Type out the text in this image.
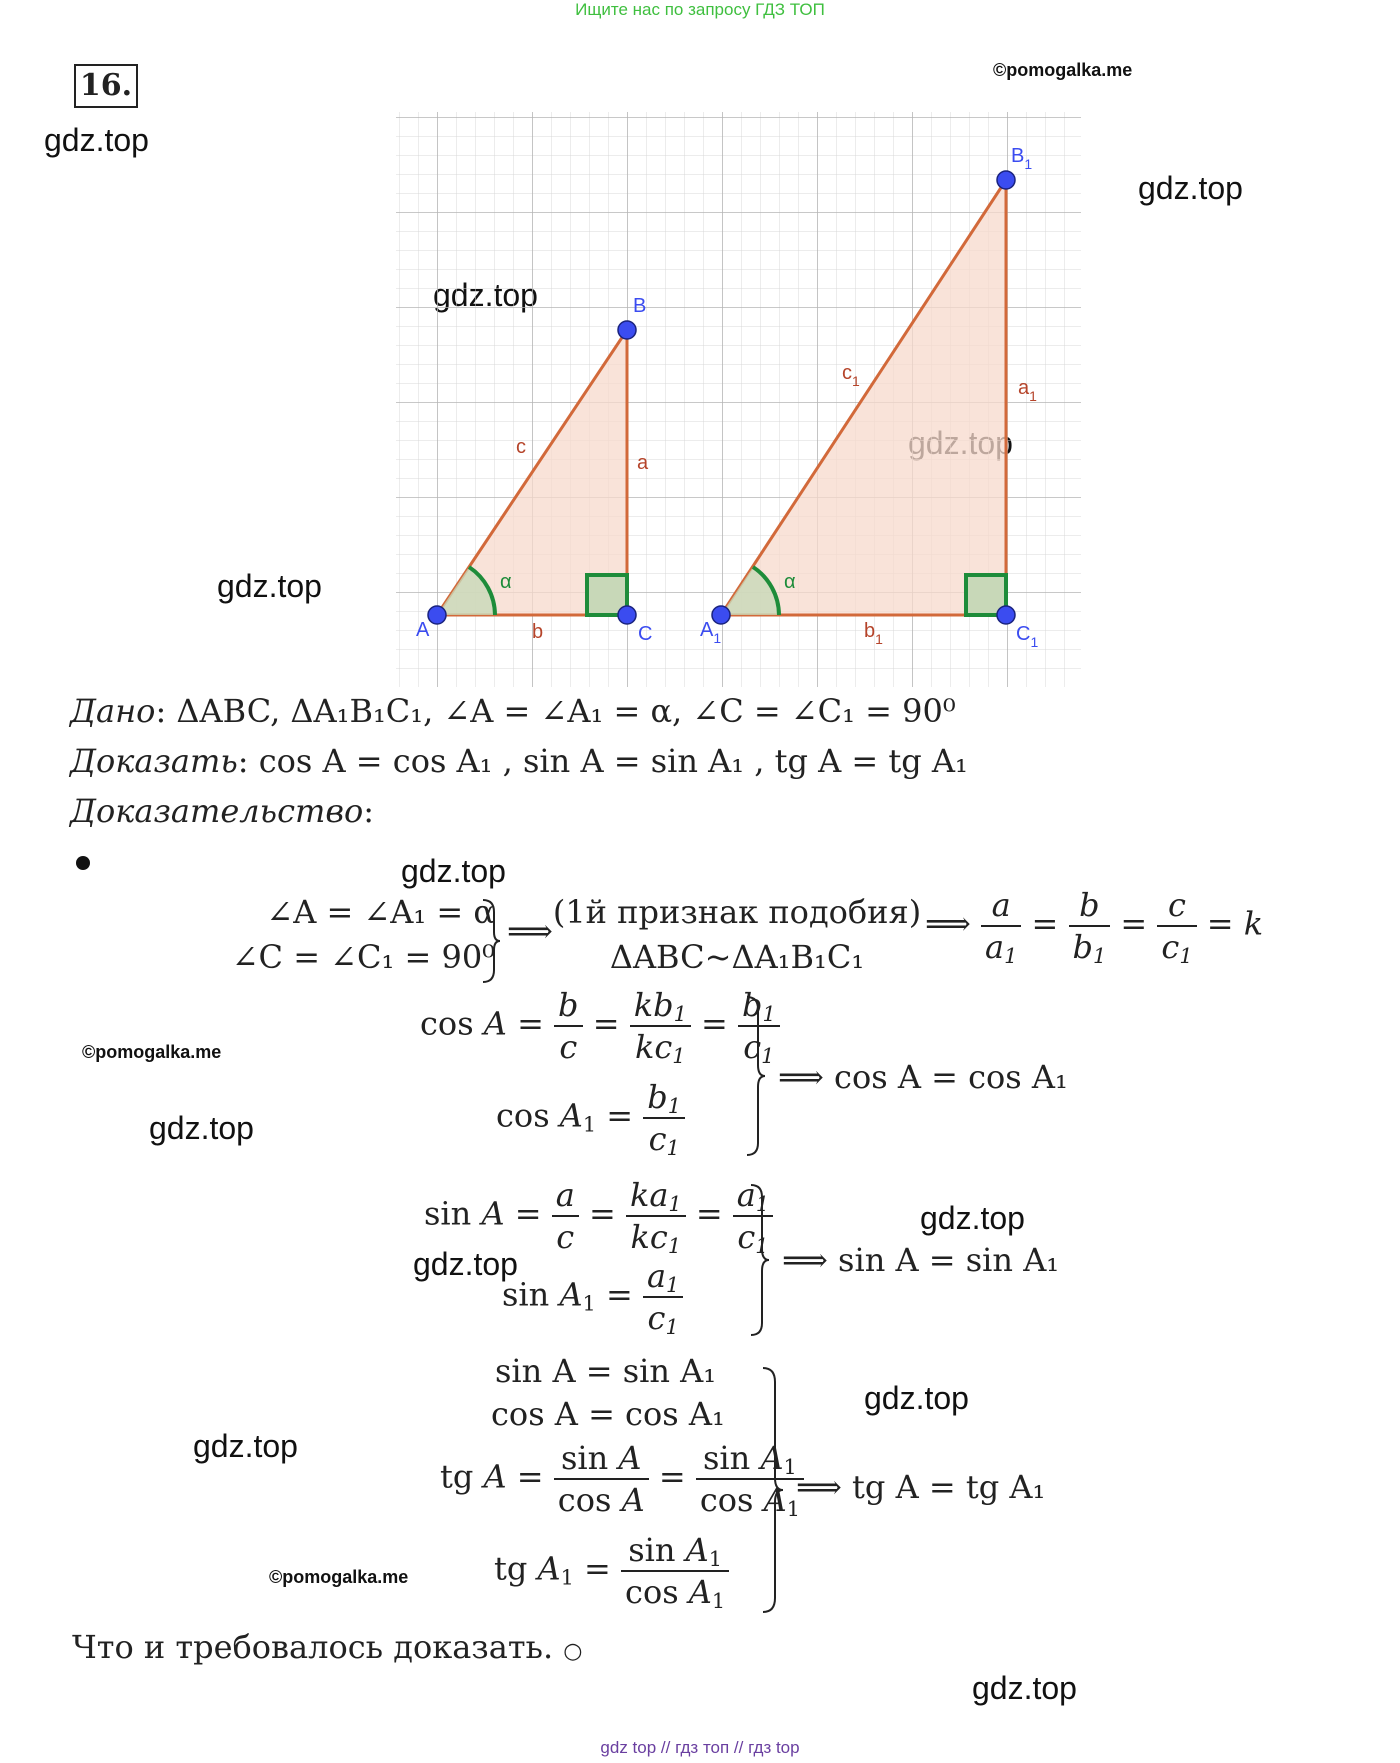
Ищите нас по запросу ГДЗ ТОП
16.
gdz.top
gdz.top
gdz.top
gdz.top
gdz.top
gdz.top
gdz.top
gdz.top
gdz.top
gdz.top
©pomogalka.me
©pomogalka.me
©pomogalka.me
A
B
C
c
a
b
α
$A_1$
$B_1$
$C_1$
$c_1$	$a_1$
$b_1$
α
Дано: ΔABC, ΔA₁B₁C₁, ∠A = ∠A₁ = α, ∠C = ∠C₁ = 90⁰
Доказать: cos A = cos A₁ , sin A = sin A₁ , tg A = tg A₁
Доказательство:
∠A = ∠A₁ = α
∠C = ∠C₁ = 90⁰
⟹ (1й признак подобия)
ΔABC~ΔA₁B₁C₁
⟹ $\frac{a}{a_1} = \frac{b}{b_1} = \frac{c}{c_1} = k$
$\cos A = \frac{b}{c} = \frac{kb_1}{kc_1} = \frac{b_1}{c_1}$
$\cos A_1 = \frac{b_1}{c_1}$	⟹ cos A = cos A₁
$\sin A = \frac{a}{c} = \frac{ka_1}{kc_1} = \frac{a_1}{c_1}$
$\sin A_1 = \frac{a_1}{c_1}$	⟹ sin A = sin A₁
sin A = sin A₁
cos A = cos A₁
tg $A = \frac{\text{sin A}}{\text{cos A}} = \frac{\sin A_1}{\cos A_1}$
tg $A_1 = \frac{\sin A_1}{\cos A_1}$
⟹ tg A = tg A₁
Что и требовалось доказать. ○
gdz top // гдз топ // гдз top
